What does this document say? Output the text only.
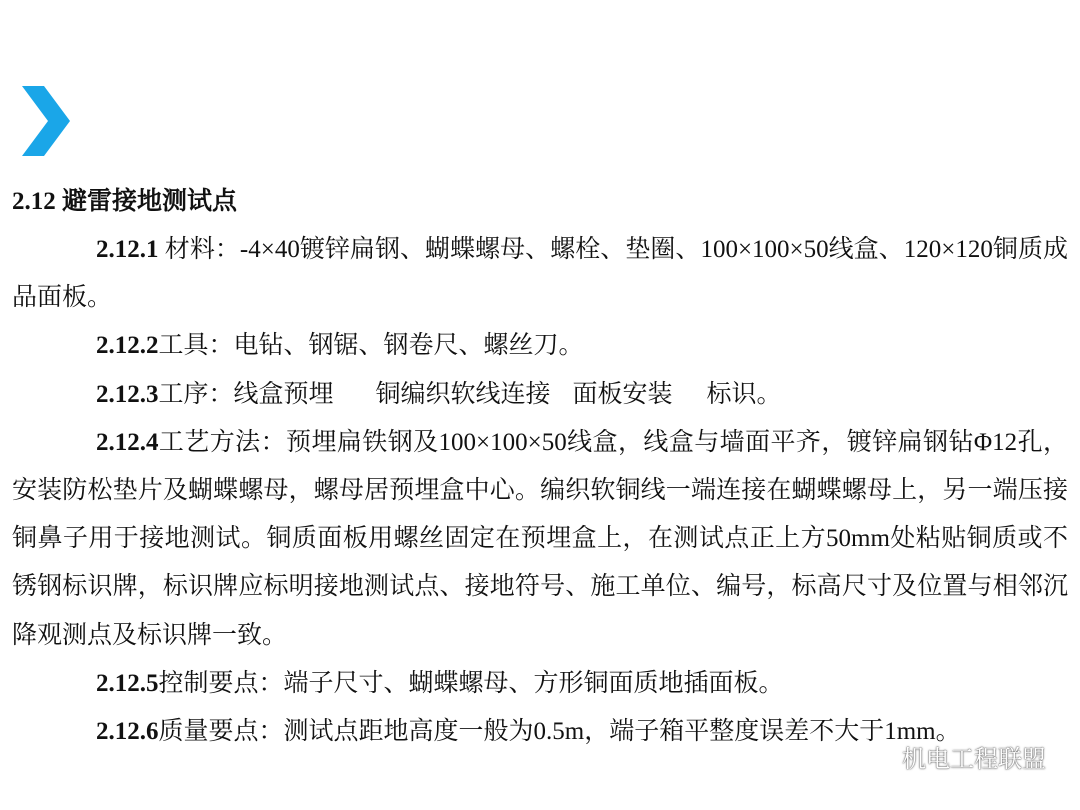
2.12 避雷接地测试点

2.12.1 材料：-4×40镀锌扁钢、蝴蝶螺母、螺栓、垫圈、100×100×50线盒、120×120铜质成品面板。

2.12.2工具：电钻、钢锯、钢卷尺、螺丝刀。

2.12.3工序：线盒预埋 铜编织软线连接 面板安装 标识。

2.12.4工艺方法：预埋扁铁钢及100×100×50线盒，线盒与墙面平齐，镀锌扁钢钻Φ12孔，安装防松垫片及蝴蝶螺母，螺母居预埋盒中心。编织软铜线一端连接在蝴蝶螺母上，另一端压接铜鼻子用于接地测试。铜质面板用螺丝固定在预埋盒上，在测试点正上方50mm处粘贴铜质或不锈钢标识牌，标识牌应标明接地测试点、接地符号、施工单位、编号，标高尺寸及位置与相邻沉降观测点及标识牌一致。

2.12.5控制要点：端子尺寸、蝴蝶螺母、方形铜面质地插面板。

2.12.6质量要点：测试点距地高度一般为0.5m，端子箱平整度误差不大于1mm。

机电工程联盟
